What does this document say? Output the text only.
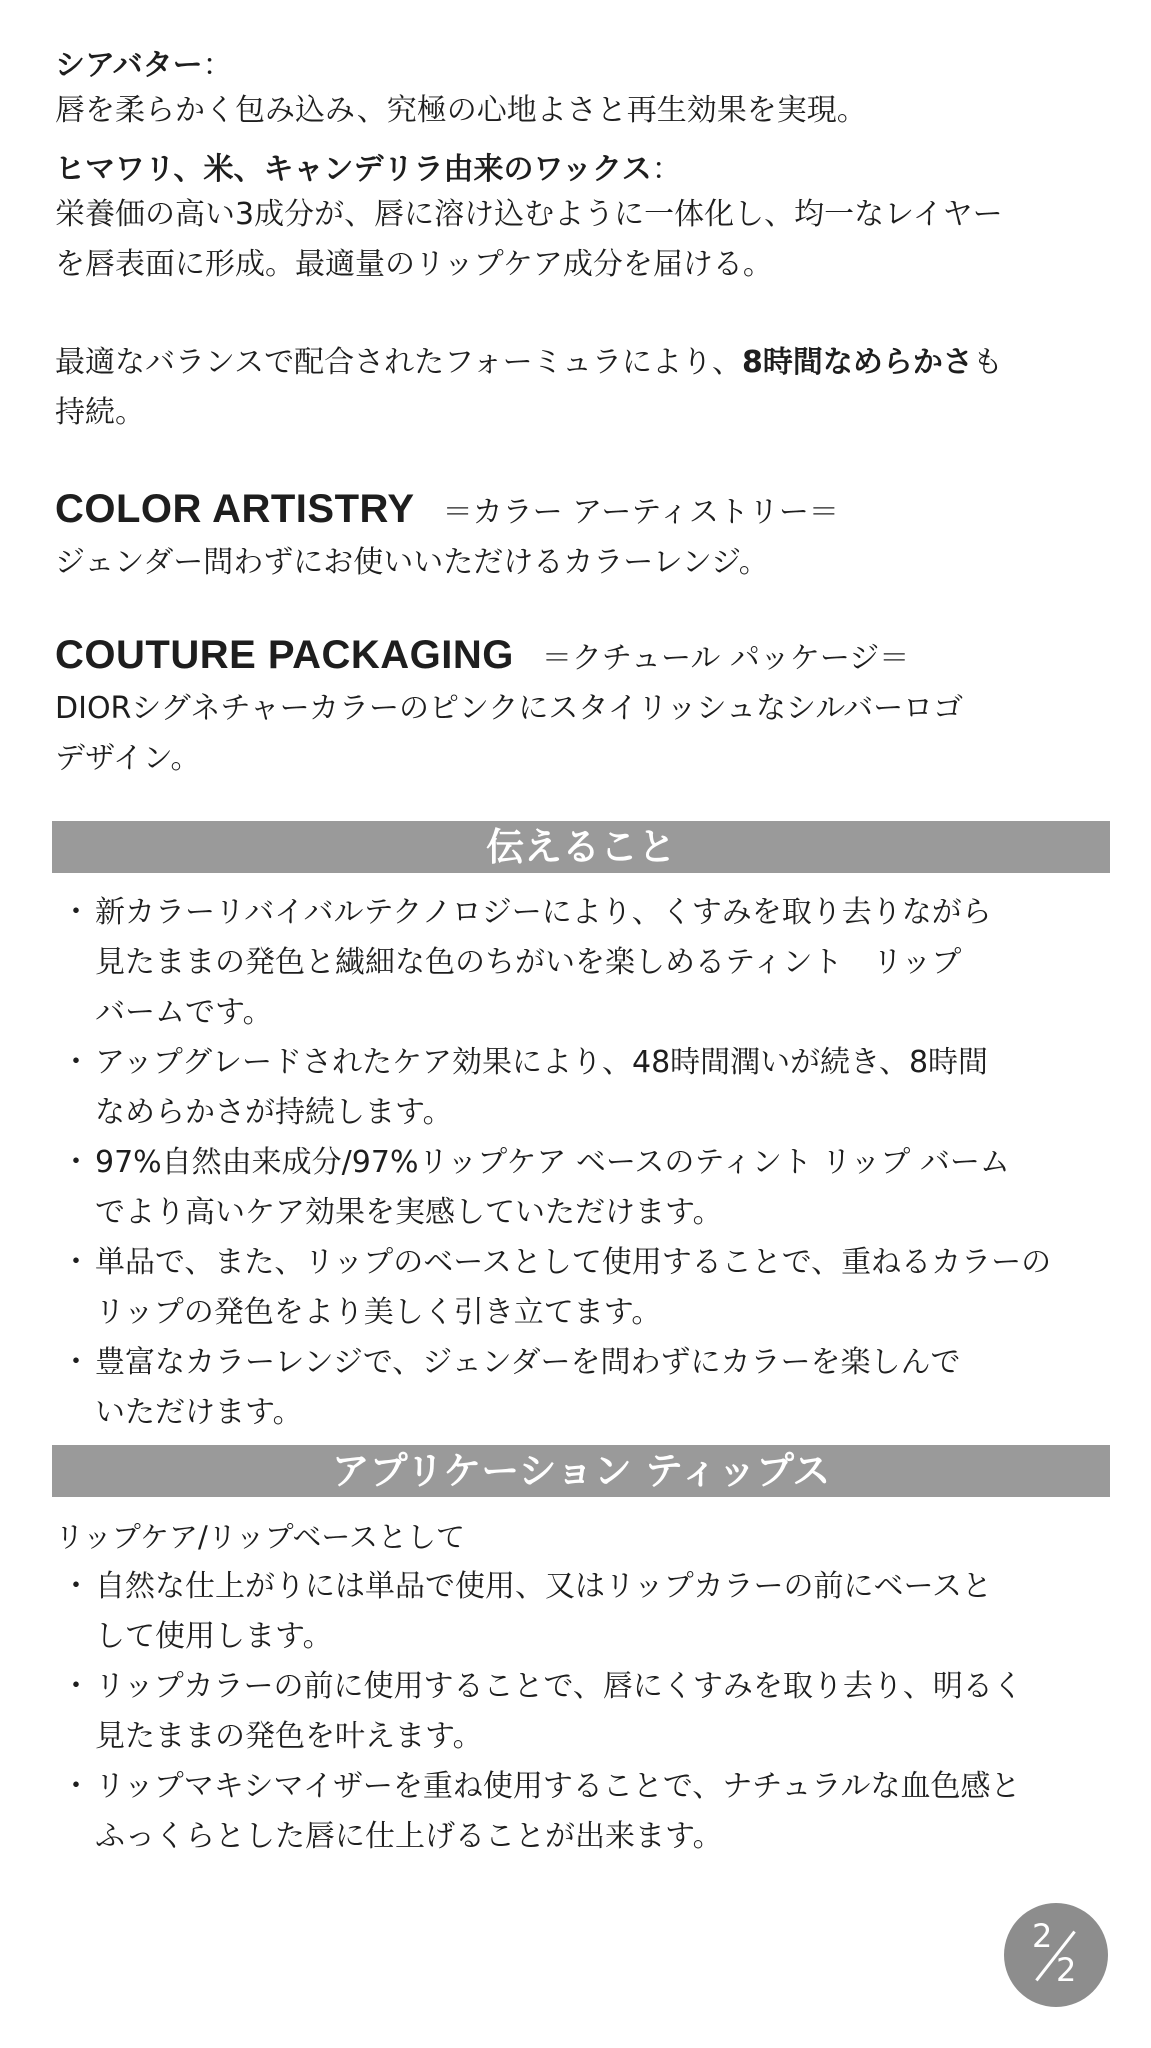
シアバター：
唇を柔らかく包み込み、究極の心地よさと再生効果を実現。
ヒマワリ、米、キャンデリラ由来のワックス：
栄養価の高い3成分が、唇に溶け込むように一体化し、均一なレイヤー
を唇表面に形成。最適量のリップケア成分を届ける。
最適なバランスで配合されたフォーミュラにより、8時間なめらかさも
持続。
COLOR ARTISTRY ＝カラー アーティストリー＝
ジェンダー問わずにお使いいただけるカラーレンジ。
COUTURE PACKAGING ＝クチュール パッケージ＝
DIORシグネチャーカラーのピンクにスタイリッシュなシルバーロゴ
デザイン。
伝えること
・ 新カラーリバイバルテクノロジーにより、くすみを取り去りながら
見たままの発色と繊細な色のちがいを楽しめるティント　リップ
バームです。
・ アップグレードされたケア効果により、48時間潤いが続き、8時間
なめらかさが持続します。
・ 97%自然由来成分/97%リップケア ベースのティント リップ バーム
でより高いケア効果を実感していただけます。
・ 単品で、また、リップのベースとして使用することで、重ねるカラーの
リップの発色をより美しく引き立てます。
・ 豊富なカラーレンジで、ジェンダーを問わずにカラーを楽しんで
いただけます。
アプリケーション ティップス
リップケア/リップベースとして
・ 自然な仕上がりには単品で使用、又はリップカラーの前にベースと
して使用します。
・ リップカラーの前に使用することで、唇にくすみを取り去り、明るく
見たままの発色を叶えます。
・ リップマキシマイザーを重ね使用することで、ナチュラルな血色感と
ふっくらとした唇に仕上げることが出来ます。
2
2
